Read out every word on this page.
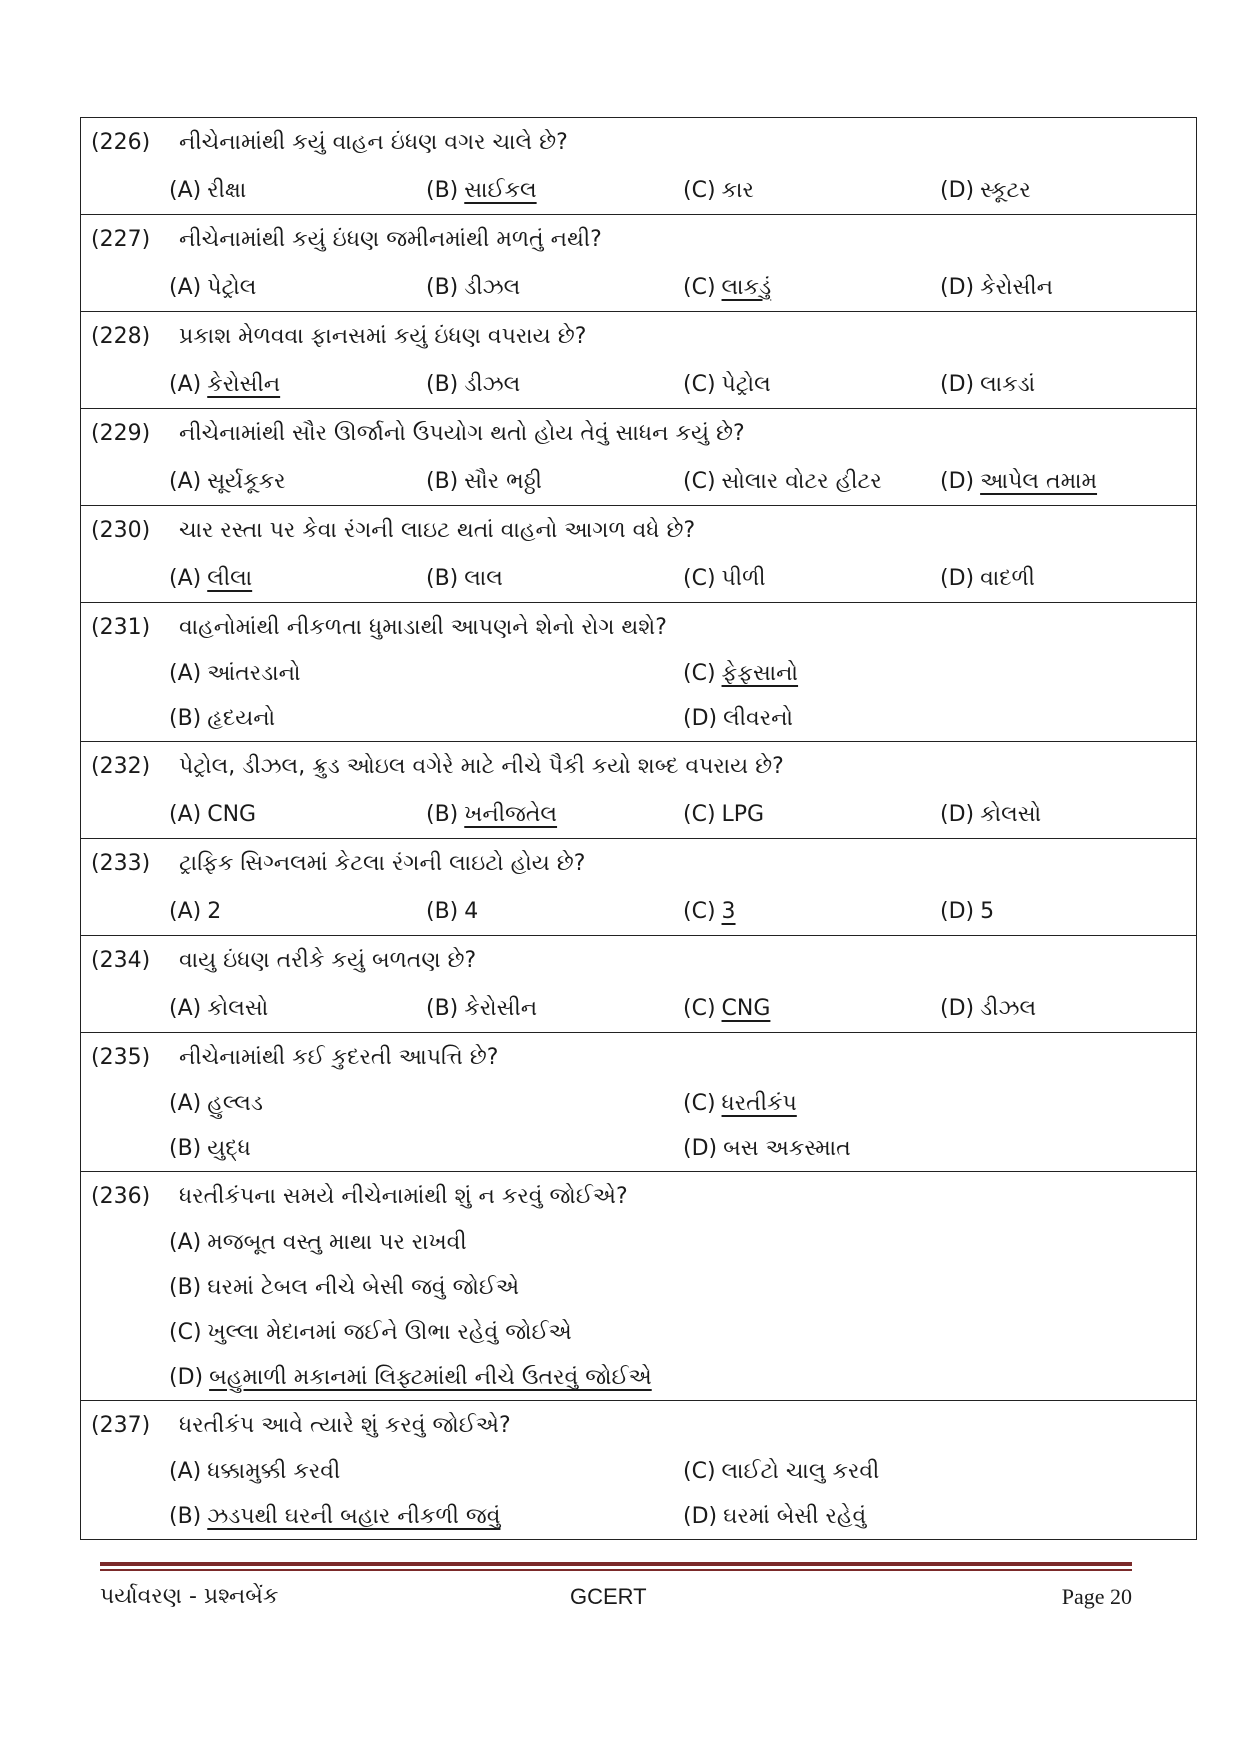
(226)	નીચેનામાંથી કયું વાહન ઇંધણ વગર ચાલે છે?
(A) રીક્ષા	(B) સાઈકલ	(C) કાર	(D) સ્કૂટર
(227)	નીચેનામાંથી કયું ઇંધણ જમીનમાંથી મળતું નથી?
(A) પેટ્રોલ	(B) ડીઝલ	(C) લાકડું	(D) કેરોસીન
(228)	પ્રકાશ મેળવવા ફાનસમાં કયું ઇંધણ વપરાય છે?
(A) કેરોસીન	(B) ડીઝલ	(C) પેટ્રોલ	(D) લાકડાં
(229)	નીચેનામાંથી સૌર ઊર્જાનો ઉપયોગ થતો હોય તેવું સાધન કયું છે?
(A) સૂર્યકૂકર	(B) સૌર ભઠ્ઠી	(C) સોલાર વોટર હીટર	(D) આપેલ તમામ
(230)	ચાર રસ્તા પર કેવા રંગની લાઇટ થતાં વાહનો આગળ વધે છે?
(A) લીલા	(B) લાલ	(C) પીળી	(D) વાદળી
(231)	વાહનોમાંથી નીકળતા ધુમાડાથી આપણને શેનો રોગ થશે?
(A) આંતરડાનો	(C) ફેફસાનો
(B) હૃદયનો	(D) લીવરનો
(232)	પેટ્રોલ, ડીઝલ, ક્રુડ ઓઇલ વગેરે માટે નીચે પૈકી કયો શબ્દ વપરાય છે?
(A) CNG	(B) ખનીજતેલ	(C) LPG	(D) કોલસો
(233)	ટ્રાફિક સિગ્નલમાં કેટલા રંગની લાઇટો હોય છે?
(A) 2	(B) 4	(C) 3	(D) 5
(234)	વાયુ ઇંધણ તરીકે કયું બળતણ છે?
(A) કોલસો	(B) કેરોસીન	(C) CNG	(D) ડીઝલ
(235)	નીચેનામાંથી કઈ કુદરતી આપત્તિ છે?
(A) હુલ્લડ	(C) ધરતીકંપ
(B) યુદ્ધ	(D) બસ અકસ્માત
(236)	ધરતીકંપના સમયે નીચેનામાંથી શું ન કરવું જોઈએ?
(A) મજબૂત વસ્તુ માથા પર રાખવી
(B) ઘરમાં ટેબલ નીચે બેસી જવું જોઈએ
(C) ખુલ્લા મેદાનમાં જઈને ઊભા રહેવું જોઈએ
(D) બહુમાળી મકાનમાં લિફ્ટમાંથી નીચે ઉતરવું જોઈએ
(237)	ધરતીકંપ આવે ત્યારે શું કરવું જોઈએ?
(A) ધક્કામુક્કી કરવી	(C) લાઈટો ચાલુ કરવી
(B) ઝડપથી ઘરની બહાર નીકળી જવું	(D) ઘરમાં બેસી રહેવું
પર્યાવરણ - પ્રશ્નબેંક	GCERT	Page 20
